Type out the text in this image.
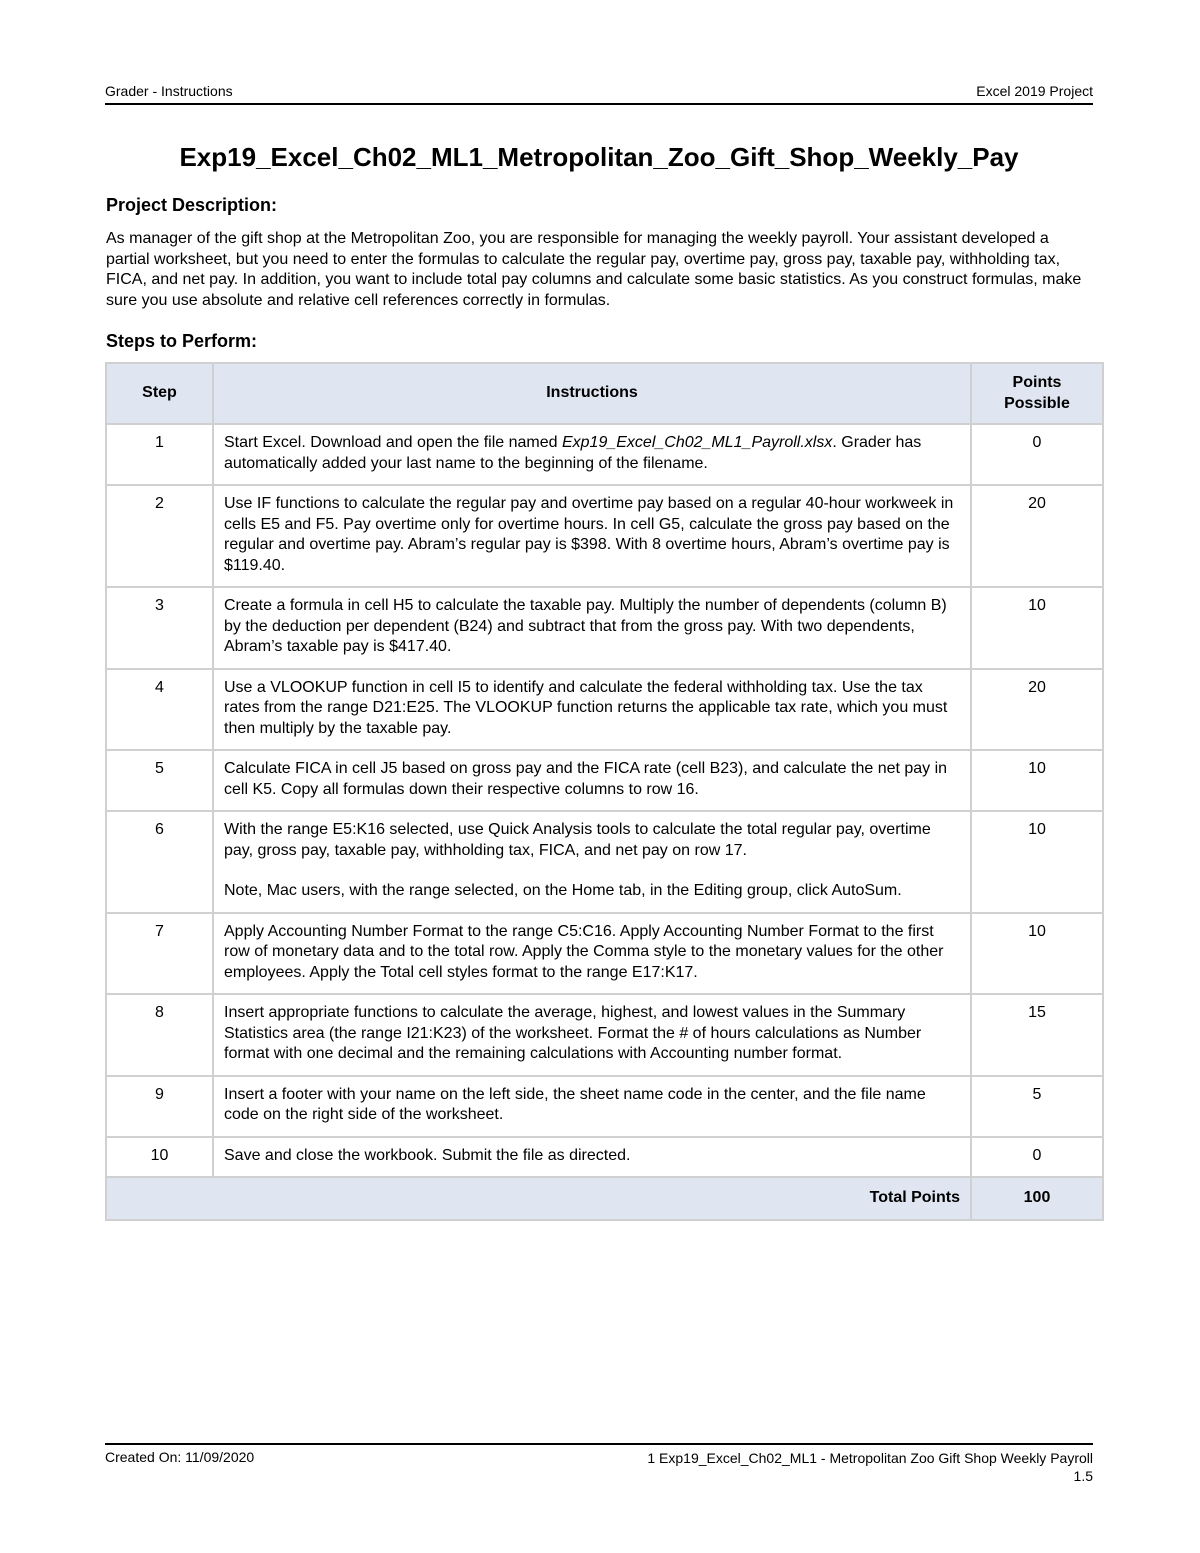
Grader - Instructions	Excel 2019 Project
Exp19_Excel_Ch02_ML1_Metropolitan_Zoo_Gift_Shop_Weekly_Pay
Project Description:
As manager of the gift shop at the Metropolitan Zoo, you are responsible for managing the weekly payroll. Your assistant developed a partial worksheet, but you need to enter the formulas to calculate the regular pay, overtime pay, gross pay, taxable pay, withholding tax, FICA, and net pay. In addition, you want to include total pay columns and calculate some basic statistics. As you construct formulas, make sure you use absolute and relative cell references correctly in formulas.
Steps to Perform:
Step	Instructions	Points Possible
1	Start Excel. Download and open the file named Exp19_Excel_Ch02_ML1_Payroll.xlsx. Grader has automatically added your last name to the beginning of the filename.	0
2	Use IF functions to calculate the regular pay and overtime pay based on a regular 40-hour workweek in cells E5 and F5. Pay overtime only for overtime hours. In cell G5, calculate the gross pay based on the regular and overtime pay. Abram’s regular pay is $398. With 8 overtime hours, Abram’s overtime pay is $119.40.	20
3	Create a formula in cell H5 to calculate the taxable pay. Multiply the number of dependents (column B) by the deduction per dependent (B24) and subtract that from the gross pay. With two dependents, Abram’s taxable pay is $417.40.	10
4	Use a VLOOKUP function in cell I5 to identify and calculate the federal withholding tax. Use the tax rates from the range D21:E25. The VLOOKUP function returns the applicable tax rate, which you must then multiply by the taxable pay.	20
5	Calculate FICA in cell J5 based on gross pay and the FICA rate (cell B23), and calculate the net pay in cell K5. Copy all formulas down their respective columns to row 16.	10
6	With the range E5:K16 selected, use Quick Analysis tools to calculate the total regular pay, overtime pay, gross pay, taxable pay, withholding tax, FICA, and net pay on row 17.
Note, Mac users, with the range selected, on the Home tab, in the Editing group, click AutoSum.	10
7	Apply Accounting Number Format to the range C5:C16. Apply Accounting Number Format to the first row of monetary data and to the total row. Apply the Comma style to the monetary values for the other employees. Apply the Total cell styles format to the range E17:K17.	10
8	Insert appropriate functions to calculate the average, highest, and lowest values in the Summary Statistics area (the range I21:K23) of the worksheet. Format the # of hours calculations as Number format with one decimal and the remaining calculations with Accounting number format.	15
9	Insert a footer with your name on the left side, the sheet name code in the center, and the file name code on the right side of the worksheet.	5
10	Save and close the workbook. Submit the file as directed.	0
Total Points		100
Created On: 11/09/2020	1 Exp19_Excel_Ch02_ML1 - Metropolitan Zoo Gift Shop Weekly Payroll
1.5
